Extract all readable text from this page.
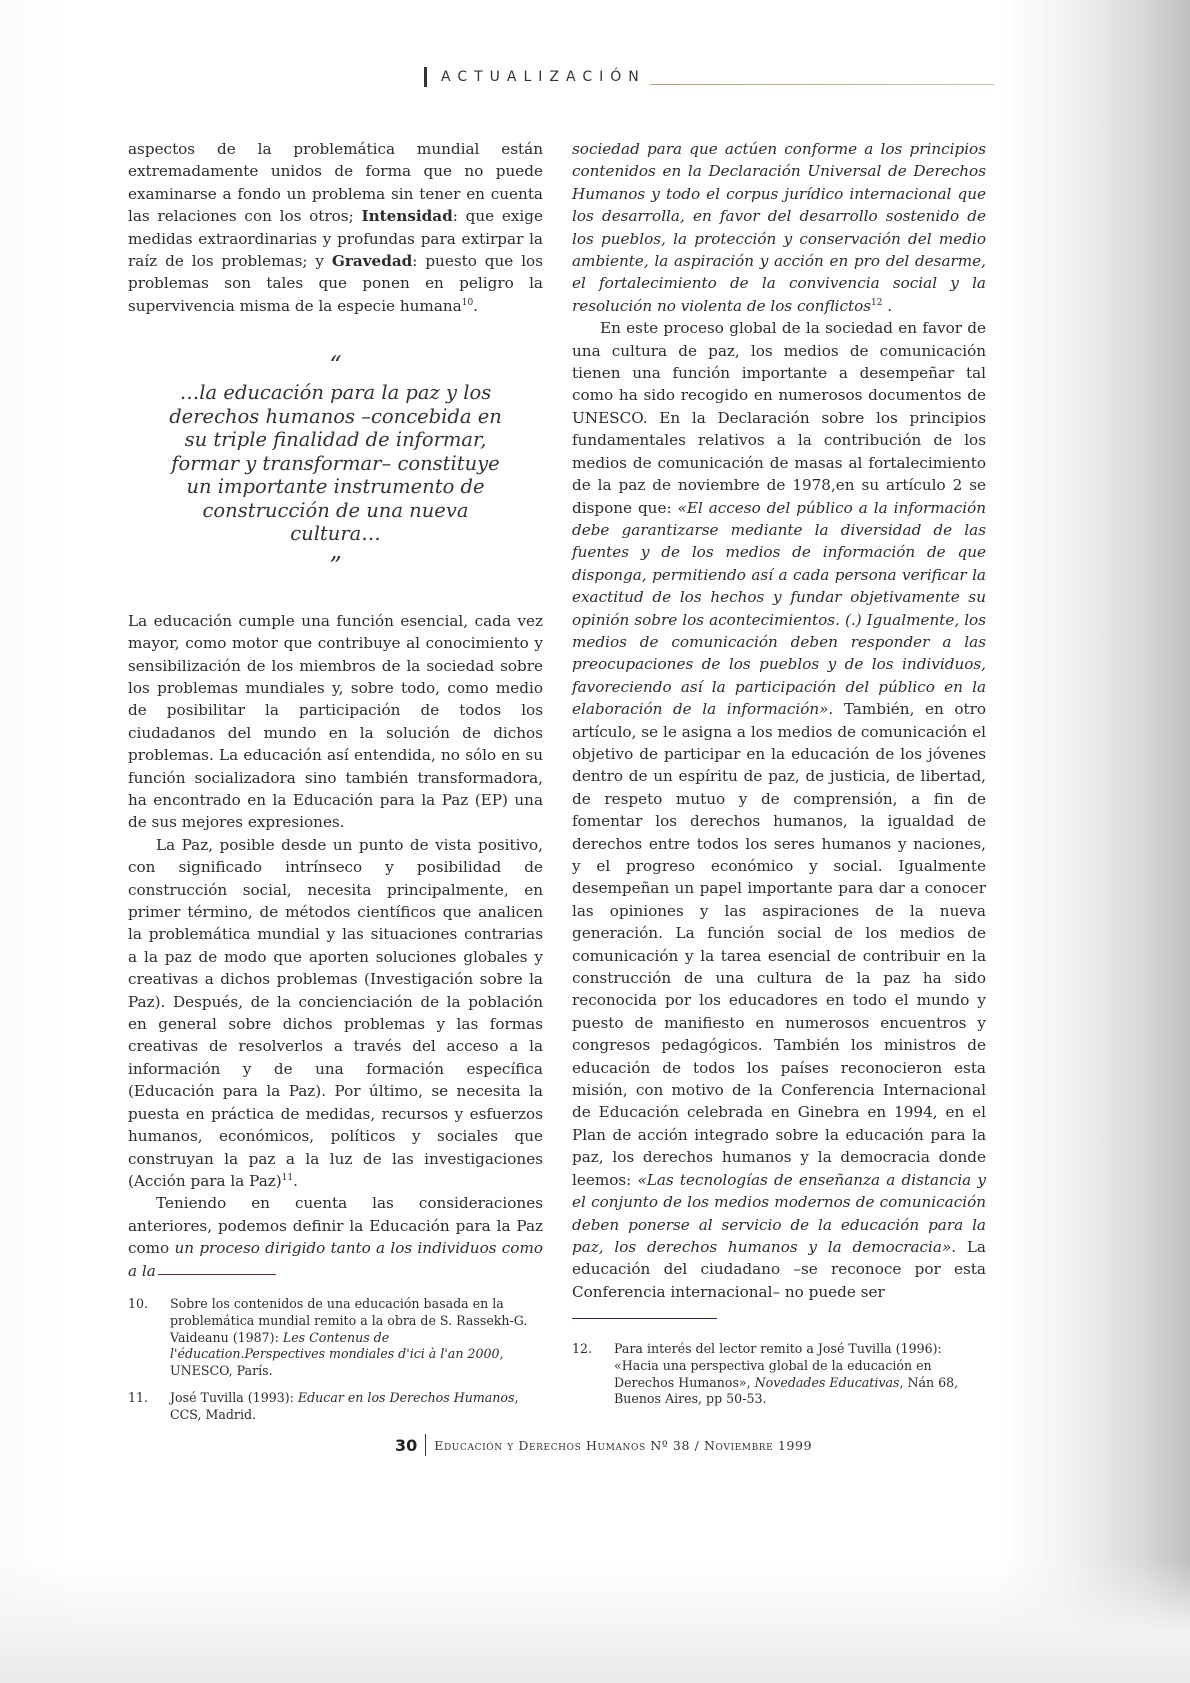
ACTUALIZACIÓN

aspectos de la problemática mundial están extremadamente unidos de forma que no puede examinarse a fondo un problema sin tener en cuenta las relaciones con los otros; Intensidad: que exige medidas extraordinarias y profundas para extirpar la raíz de los problemas; y Gravedad: puesto que los problemas son tales que ponen en peligro la supervivencia misma de la especie humana$^{10}$.

“
…la educación para la paz y los derechos humanos –concebida en su triple finalidad de informar, formar y transformar– constituye un importante instrumento de construcción de una nueva cultura…
”

La educación cumple una función esencial, cada vez mayor, como motor que contribuye al conocimiento y sensibilización de los miembros de la sociedad sobre los problemas mundiales y, sobre todo, como medio de posibilitar la participación de todos los ciudadanos del mundo en la solución de dichos problemas. La educación así entendida, no sólo en su función socializadora sino también transformadora, ha encontrado en la Educación para la Paz (EP) una de sus mejores expresiones.

La Paz, posible desde un punto de vista positivo, con significado intrínseco y posibilidad de construcción social, necesita principalmente, en primer término, de métodos científicos que analicen la problemática mundial y las situaciones contrarias a la paz de modo que aporten soluciones globales y creativas a dichos problemas (Investigación sobre la Paz). Después, de la concienciación de la población en general sobre dichos problemas y las formas creativas de resolverlos a través del acceso a la información y de una formación específica (Educación para la Paz). Por último, se necesita la puesta en práctica de medidas, recursos y esfuerzos humanos, económicos, políticos y sociales que construyan la paz a la luz de las investigaciones (Acción para la Paz)$^{11}$.

Teniendo en cuenta las consideraciones anteriores, podemos definir la Educación para la Paz como un proceso dirigido tanto a los individuos como a la

sociedad para que actúen conforme a los principios contenidos en la Declaración Universal de Derechos Humanos y todo el corpus jurídico internacional que los desarrolla, en favor del desarrollo sostenido de los pueblos, la protección y conservación del medio ambiente, la aspiración y acción en pro del desarme, el fortalecimiento de la convivencia social y la resolución no violenta de los conflictos$^{12}$ .

En este proceso global de la sociedad en favor de una cultura de paz, los medios de comunicación tienen una función importante a desempeñar tal como ha sido recogido en numerosos documentos de UNESCO. En la Declaración sobre los principios fundamentales relativos a la contribución de los medios de comunicación de masas al fortalecimiento de la paz de noviembre de 1978,en su artículo 2 se dispone que: «El acceso del público a la información debe garantizarse mediante la diversidad de las fuentes y de los medios de información de que disponga, permitiendo así a cada persona verificar la exactitud de los hechos y fundar objetivamente su opinión sobre los acontecimientos. (.) Igualmente, los medios de comunicación deben responder a las preocupaciones de los pueblos y de los individuos, favoreciendo así la participación del público en la elaboración de la información». También, en otro artículo, se le asigna a los medios de comunicación el objetivo de participar en la educación de los jóvenes dentro de un espíritu de paz, de justicia, de libertad, de respeto mutuo y de comprensión, a fin de fomentar los derechos humanos, la igualdad de derechos entre todos los seres humanos y naciones, y el progreso económico y social. Igualmente desempeñan un papel importante para dar a conocer las opiniones y las aspiraciones de la nueva generación. La función social de los medios de comunicación y la tarea esencial de contribuir en la construcción de una cultura de la paz ha sido reconocida por los educadores en todo el mundo y puesto de manifiesto en numerosos encuentros y congresos pedagógicos. También los ministros de educación de todos los países reconocieron esta misión, con motivo de la Conferencia Internacional de Educación celebrada en Ginebra en 1994, en el Plan de acción integrado sobre la educación para la paz, los derechos humanos y la democracia donde leemos: «Las tecnologías de enseñanza a distancia y el conjunto de los medios modernos de comunicación deben ponerse al servicio de la educación para la paz, los derechos humanos y la democracia». La educación del ciudadano –se reconoce por esta Conferencia internacional– no puede ser

10.	Sobre los contenidos de una educación basada en la problemática mundial remito a la obra de S. Rassekh-G. Vaideanu (1987): Les Contenus de l'éducation.Perspectives mondiales d'ici à l'an 2000, UNESCO, París.
11.	José Tuvilla (1993): Educar en los Derechos Humanos, CCS, Madrid.
12.	Para interés del lector remito a José Tuvilla (1996): «Hacia una perspectiva global de la educación en Derechos Humanos», Novedades Educativas, Nán 68, Buenos Aires, pp 50-53.
30 Educación y Derechos Humanos Nº 38 / Noviembre 1999
